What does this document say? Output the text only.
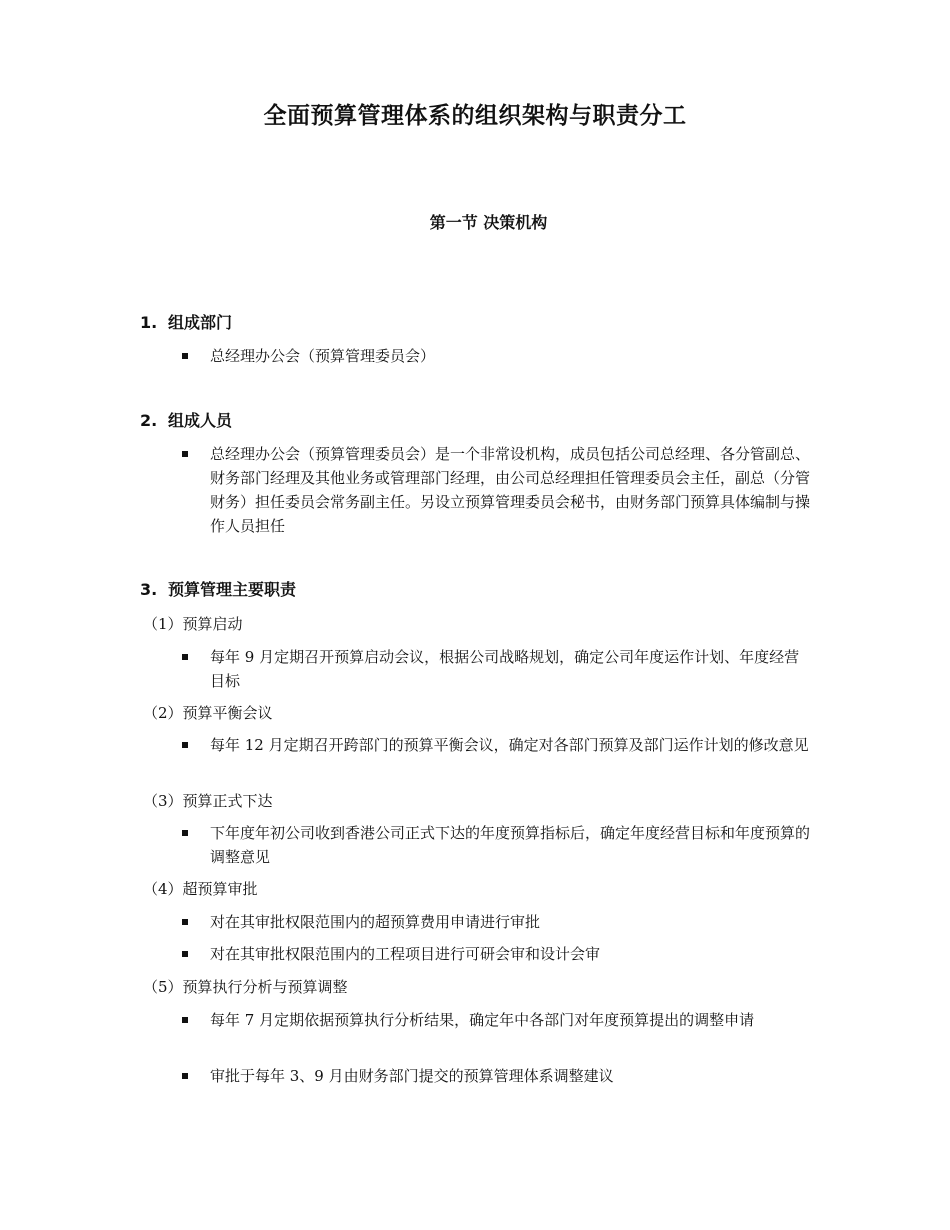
全面预算管理体系的组织架构与职责分工
第一节 决策机构
1. 组成部门
总经理办公会（预算管理委员会）
2. 组成人员
总经理办公会（预算管理委员会）是一个非常设机构，成员包括公司总经理、各分管副总、财务部门经理及其他业务或管理部门经理，由公司总经理担任管理委员会主任，副总（分管财务）担任委员会常务副主任。另设立预算管理委员会秘书，由财务部门预算具体编制与操作人员担任
3. 预算管理主要职责
（1）预算启动
每年 9 月定期召开预算启动会议，根据公司战略规划，确定公司年度运作计划、年度经营目标
（2）预算平衡会议
每年 12 月定期召开跨部门的预算平衡会议，确定对各部门预算及部门运作计划的修改意见
（3）预算正式下达
下年度年初公司收到香港公司正式下达的年度预算指标后，确定年度经营目标和年度预算的调整意见
（4）超预算审批
对在其审批权限范围内的超预算费用申请进行审批
对在其审批权限范围内的工程项目进行可研会审和设计会审
（5）预算执行分析与预算调整
每年 7 月定期依据预算执行分析结果，确定年中各部门对年度预算提出的调整申请
审批于每年 3、9 月由财务部门提交的预算管理体系调整建议
